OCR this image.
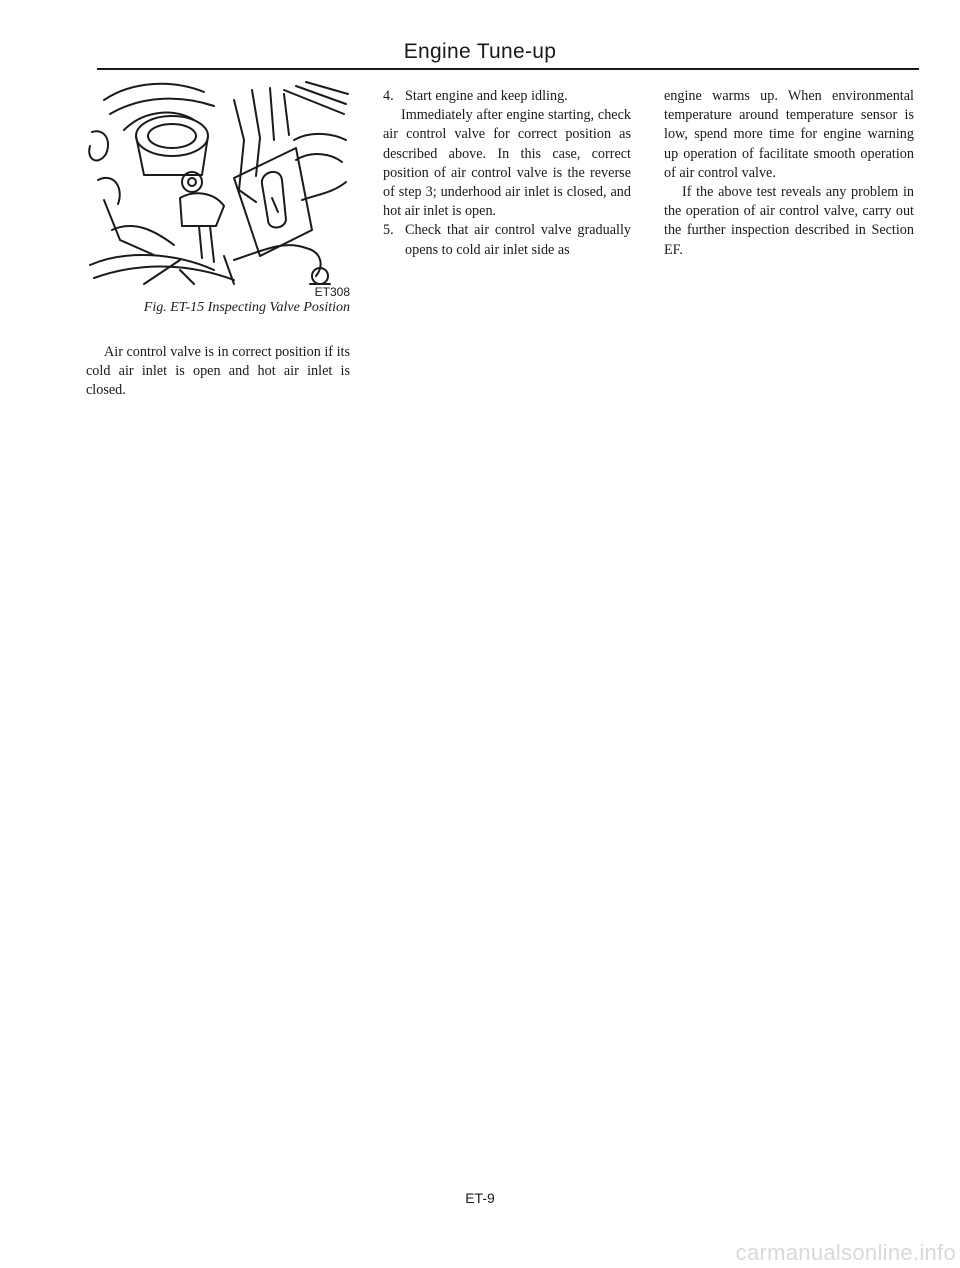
Engine Tune-up
ET308
Fig. ET-15 Inspecting Valve Position

Air control valve is in correct position if its cold air inlet is open and hot air inlet is closed.

4. Start engine and keep idling.

Immediately after engine starting, check air control valve for correct position as described above. In this case, correct position of air control valve is the reverse of step 3; underhood air inlet is closed, and hot air inlet is open.

5. Check that air control valve gradually opens to cold air inlet side as

engine warms up. When environmental temperature around temperature sensor is low, spend more time for engine warning up operation of facilitate smooth operation of air control valve.

If the above test reveals any problem in the operation of air control valve, carry out the further inspection described in Section EF.

ET-9
carmanualsonline.info
